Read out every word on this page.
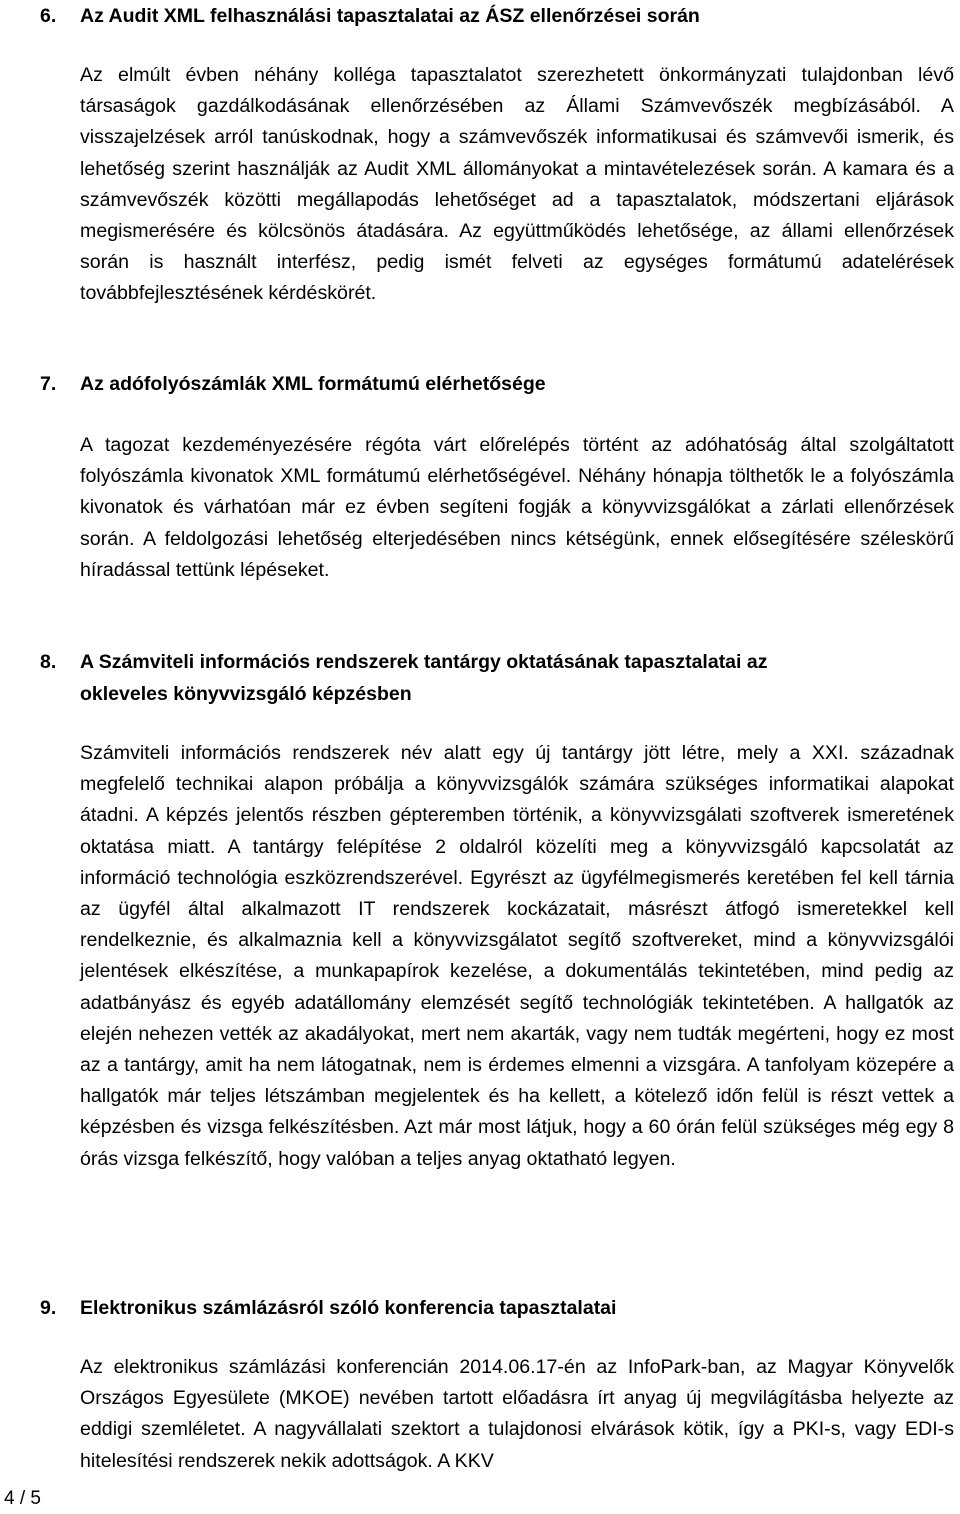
6. Az Audit XML felhasználási tapasztalatai az ÁSZ ellenőrzései során
Az elmúlt évben néhány kolléga tapasztalatot szerezhetett önkormányzati tulajdonban lévő társaságok gazdálkodásának ellenőrzésében az Állami Számvevőszék megbízásából. A visszajelzések arról tanúskodnak, hogy a számvevőszék informatikusai és számvevői ismerik, és lehetőség szerint használják az Audit XML állományokat a mintavételezések során. A kamara és a számvevőszék közötti megállapodás lehetőséget ad a tapasztalatok, módszertani eljárások megismerésére és kölcsönös átadására. Az együttműködés lehetősége, az állami ellenőrzések során is használt interfész, pedig ismét felveti az egységes formátumú adatelérések továbbfejlesztésének kérdéskörét.
7. Az adófolyószámlák XML formátumú elérhetősége
A tagozat kezdeményezésére régóta várt előrelépés történt az adóhatóság által szolgáltatott folyószámla kivonatok XML formátumú elérhetőségével. Néhány hónapja tölthetők le a folyószámla kivonatok és várhatóan már ez évben segíteni fogják a könyvvizsgálókat a zárlati ellenőrzések során. A feldolgozási lehetőség elterjedésében nincs kétségünk, ennek elősegítésére széleskörű híradással tettünk lépéseket.
8. A Számviteli információs rendszerek tantárgy oktatásának tapasztalatai az okleveles könyvvizsgáló képzésben
Számviteli információs rendszerek név alatt egy új tantárgy jött létre, mely a XXI. századnak megfelelő technikai alapon próbálja a könyvvizsgálók számára szükséges informatikai alapokat átadni. A képzés jelentős részben gépteremben történik, a könyvvizsgálati szoftverek ismeretének oktatása miatt. A tantárgy felépítése 2 oldalról közelíti meg a könyvvizsgáló kapcsolatát az információ technológia eszközrendszerével. Egyrészt az ügyfélmegismerés keretében fel kell tárnia az ügyfél által alkalmazott IT rendszerek kockázatait, másrészt átfogó ismeretekkel kell rendelkeznie, és alkalmaznia kell a könyvvizsgálatot segítő szoftvereket, mind a könyvvizsgálói jelentések elkészítése, a munkapapírok kezelése, a dokumentálás tekintetében, mind pedig az adatbányász és egyéb adatállomány elemzését segítő technológiák tekintetében. A hallgatók az elején nehezen vették az akadályokat, mert nem akarták, vagy nem tudták megérteni, hogy ez most az a tantárgy, amit ha nem látogatnak, nem is érdemes elmenni a vizsgára. A tanfolyam közepére a hallgatók már teljes létszámban megjelentek és ha kellett, a kötelező időn felül is részt vettek a képzésben és vizsga felkészítésben. Azt már most látjuk, hogy a 60 órán felül szükséges még egy 8 órás vizsga felkészítő, hogy valóban a teljes anyag oktatható legyen.
9. Elektronikus számlázásról szóló konferencia tapasztalatai
Az elektronikus számlázási konferencián 2014.06.17-én az InfoPark-ban, az Magyar Könyvelők Országos Egyesülete (MKOE) nevében tartott előadásra írt anyag új megvilágításba helyezte az eddigi szemléletet. A nagyvállalati szektort a tulajdonosi elvárások kötik, így a PKI-s, vagy EDI-s hitelesítési rendszerek nekik adottságok. A KKV
4 / 5
